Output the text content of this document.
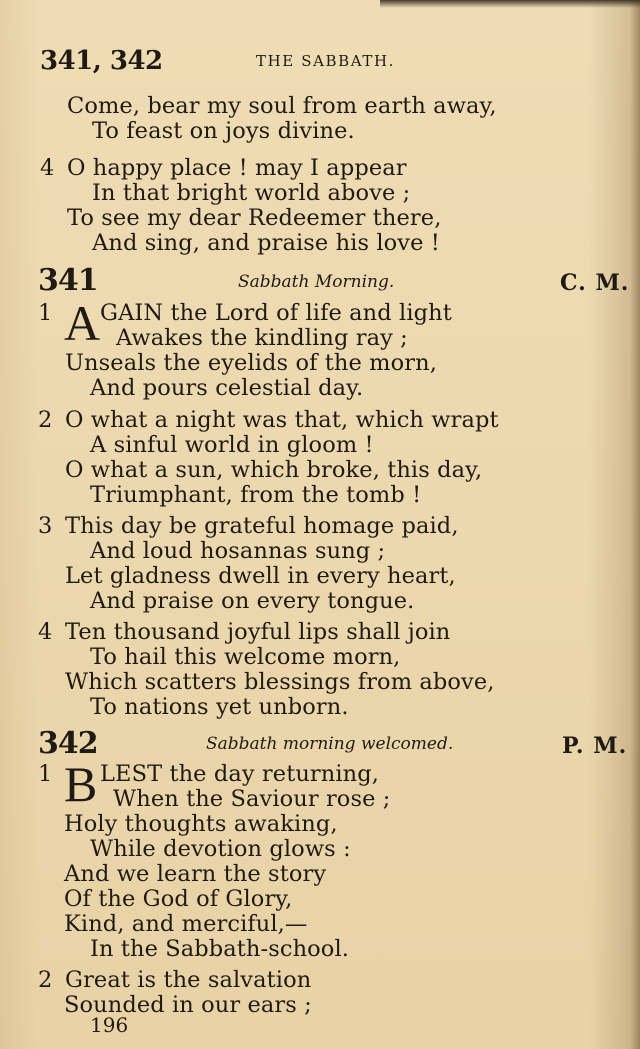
341, 342	THE SABBATH.
Come, bear my soul from earth away,
To feast on joys divine.
4 O happy place ! may I appear
In that bright world above ;
To see my dear Redeemer there,
And sing, and praise his love !
341	Sabbath Morning.	C. M.
1 A GAIN the Lord of life and light
Awakes the kindling ray ;
Unseals the eyelids of the morn,
And pours celestial day.
2 O what a night was that, which wrapt
A sinful world in gloom !
O what a sun, which broke, this day,
Triumphant, from the tomb !
3 This day be grateful homage paid,
And loud hosannas sung ;
Let gladness dwell in every heart,
And praise on every tongue.
4 Ten thousand joyful lips shall join
To hail this welcome morn,
Which scatters blessings from above,
To nations yet unborn.
342	Sabbath morning welcomed.	P. M.
1 B LEST the day returning,
When the Saviour rose ;
Holy thoughts awaking,
While devotion glows :
And we learn the story
Of the God of Glory,
Kind, and merciful,—
In the Sabbath-school.
2 Great is the salvation
Sounded in our ears ;
196
